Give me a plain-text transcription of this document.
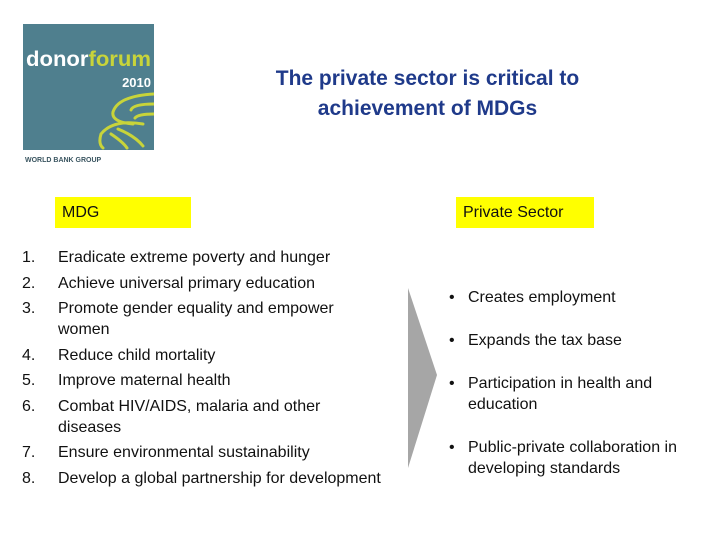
donor forum
2010
WORLD BANK GROUP
The private sector is critical to
achievement of MDGs
MDG	Private Sector
1. Eradicate extreme poverty and hunger
2. Achieve universal primary education
3. Promote gender equality and empower women
4. Reduce child mortality
5. Improve maternal health
6. Combat HIV/AIDS, malaria and other diseases
7. Ensure environmental sustainability
8. Develop a global partnership for development
• Creates employment
• Expands the tax base
• Participation in health and education
• Public-private collaboration in developing standards
